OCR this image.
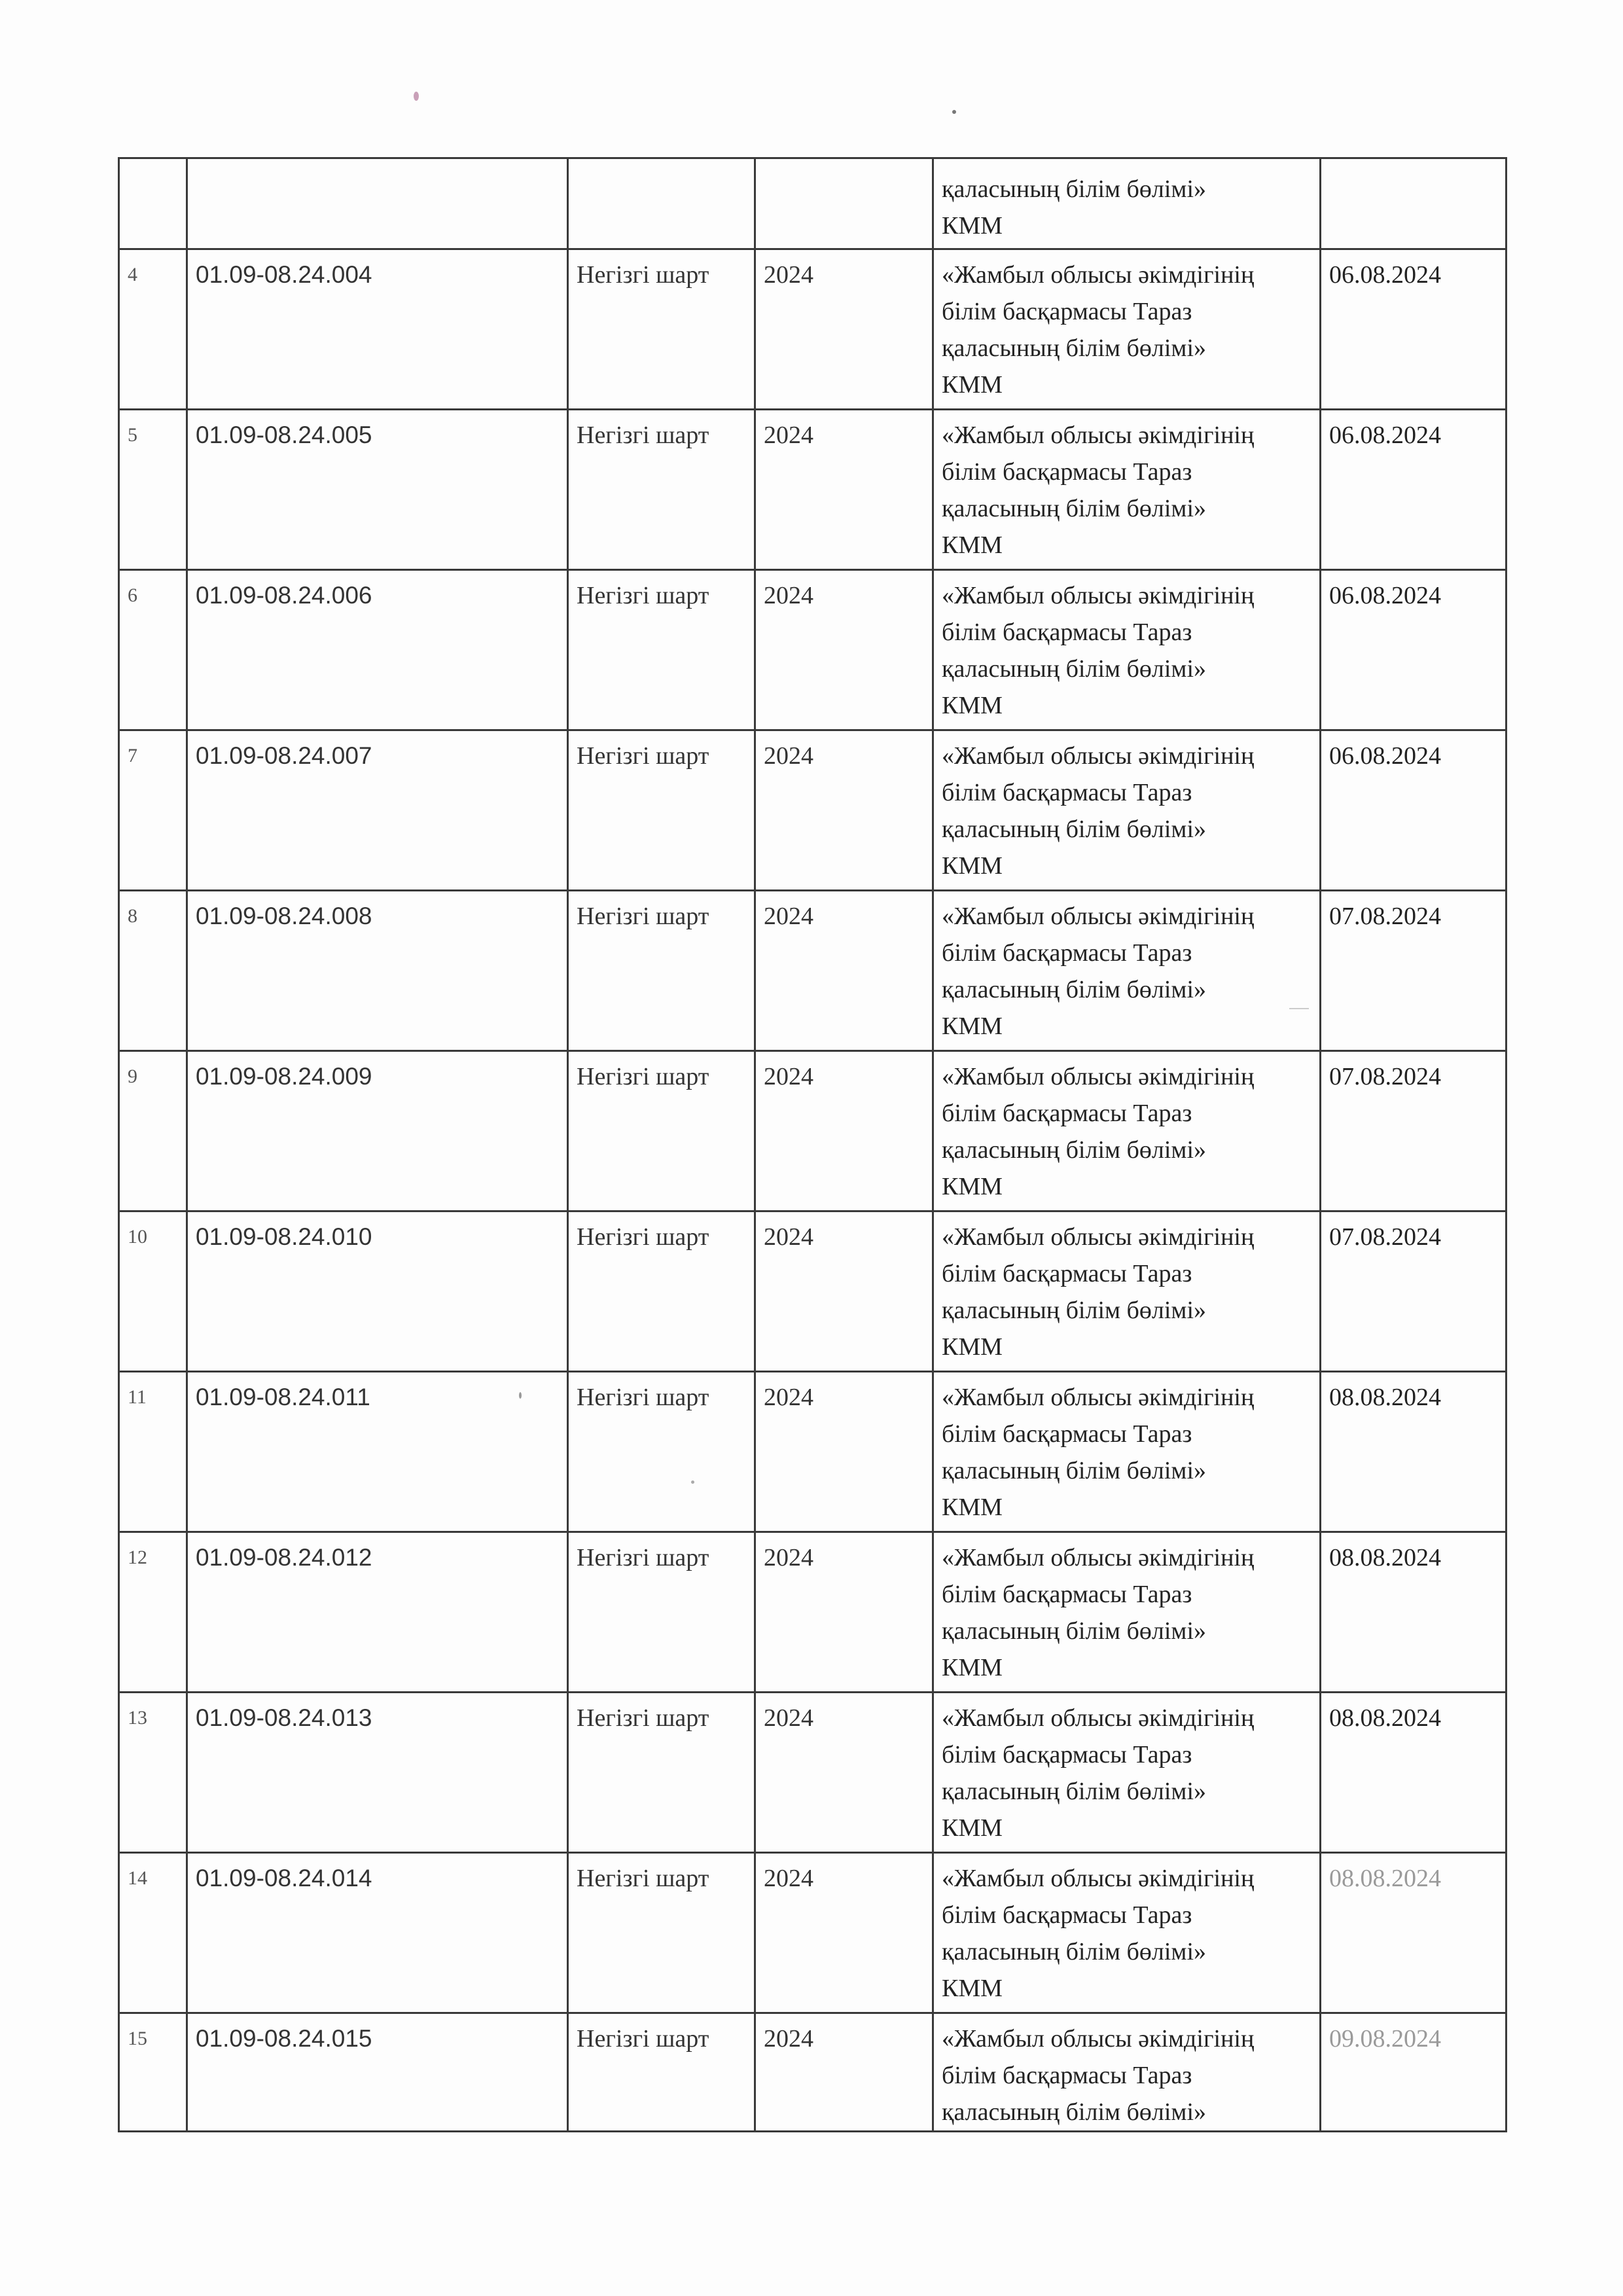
				қаласының білім бөлімі»
КММ	
4	01.09-08.24.004	Негізгі шарт	2024	«Жамбыл облысы әкімдігінің
білім басқармасы Тараз
қаласының білім бөлімі»
КММ	06.08.2024
5	01.09-08.24.005	Негізгі шарт	2024	«Жамбыл облысы әкімдігінің
білім басқармасы Тараз
қаласының білім бөлімі»
КММ	06.08.2024
6	01.09-08.24.006	Негізгі шарт	2024	«Жамбыл облысы әкімдігінің
білім басқармасы Тараз
қаласының білім бөлімі»
КММ	06.08.2024
7	01.09-08.24.007	Негізгі шарт	2024	«Жамбыл облысы әкімдігінің
білім басқармасы Тараз
қаласының білім бөлімі»
КММ	06.08.2024
8	01.09-08.24.008	Негізгі шарт	2024	«Жамбыл облысы әкімдігінің
білім басқармасы Тараз
қаласының білім бөлімі»
КММ	07.08.2024
9	01.09-08.24.009	Негізгі шарт	2024	«Жамбыл облысы әкімдігінің
білім басқармасы Тараз
қаласының білім бөлімі»
КММ	07.08.2024
10	01.09-08.24.010	Негізгі шарт	2024	«Жамбыл облысы әкімдігінің
білім басқармасы Тараз
қаласының білім бөлімі»
КММ	07.08.2024
11	01.09-08.24.011	Негізгі шарт	2024	«Жамбыл облысы әкімдігінің
білім басқармасы Тараз
қаласының білім бөлімі»
КММ	08.08.2024
12	01.09-08.24.012	Негізгі шарт	2024	«Жамбыл облысы әкімдігінің
білім басқармасы Тараз
қаласының білім бөлімі»
КММ	08.08.2024
13	01.09-08.24.013	Негізгі шарт	2024	«Жамбыл облысы әкімдігінің
білім басқармасы Тараз
қаласының білім бөлімі»
КММ	08.08.2024
14	01.09-08.24.014	Негізгі шарт	2024	«Жамбыл облысы әкімдігінің
білім басқармасы Тараз
қаласының білім бөлімі»
КММ	08.08.2024
15	01.09-08.24.015	Негізгі шарт	2024	«Жамбыл облысы әкімдігінің
білім басқармасы Тараз
қаласының білім бөлімі»	09.08.2024
